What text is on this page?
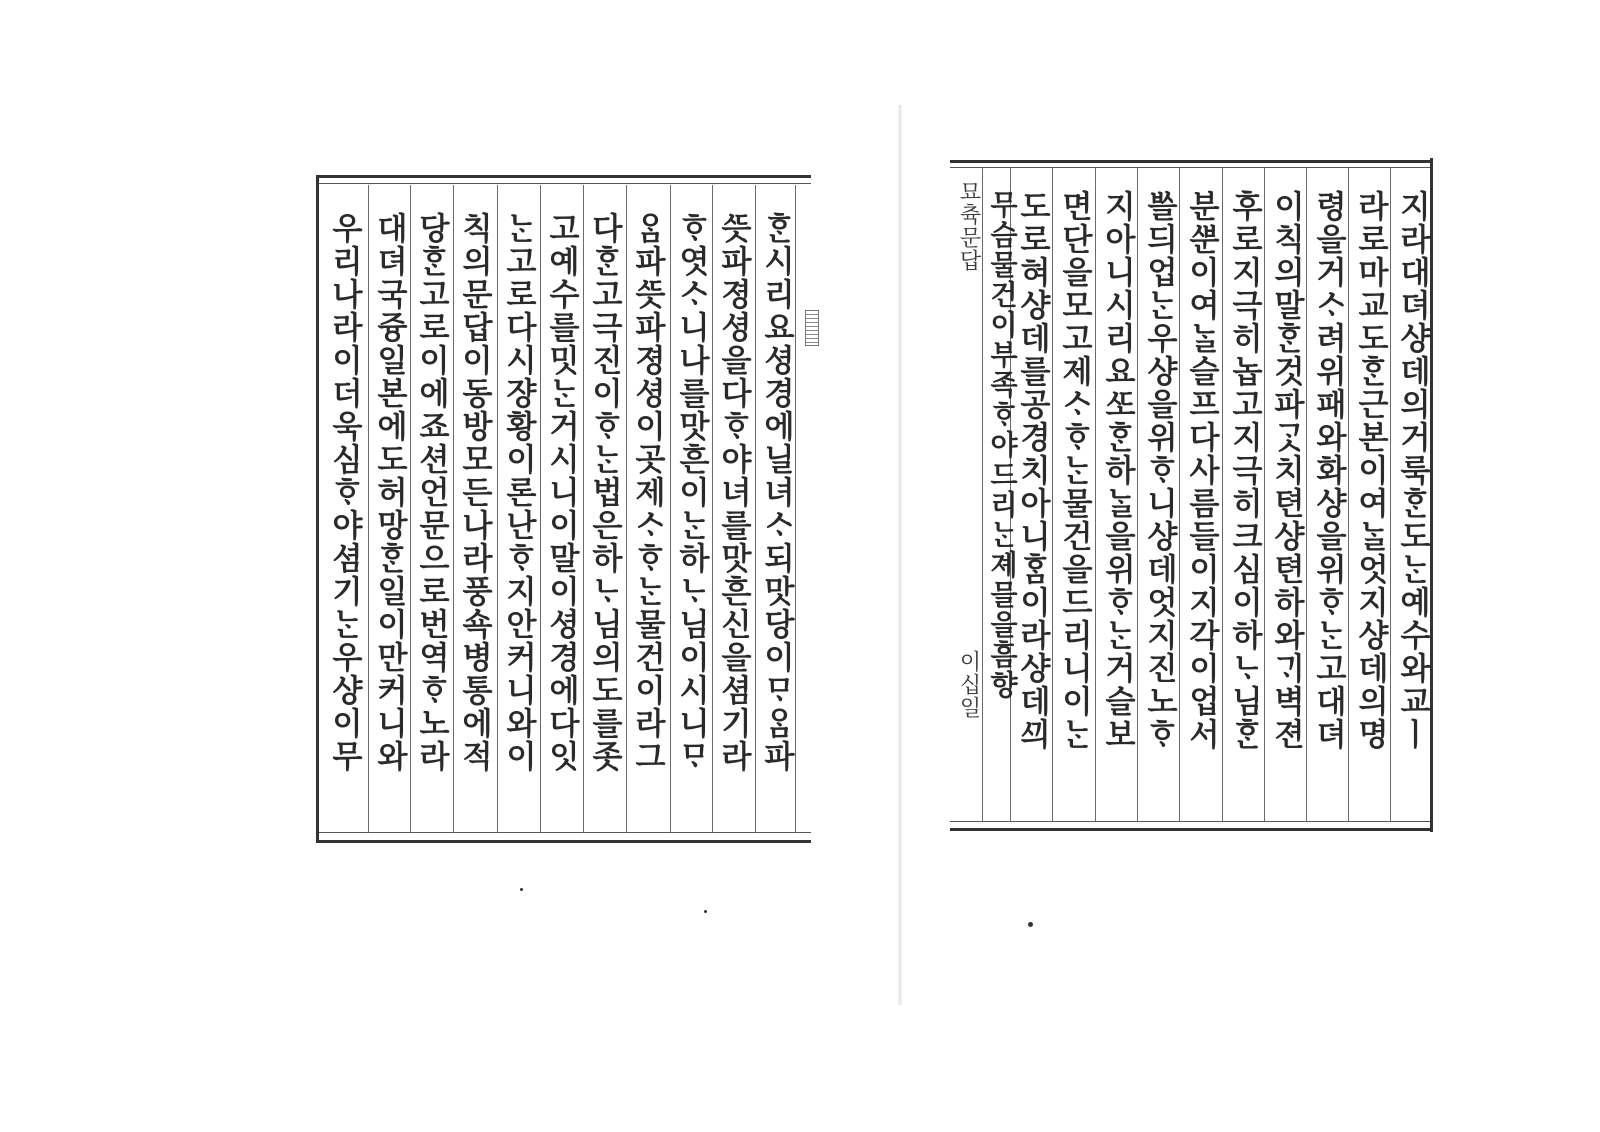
ᄒᆞᆫ시리요셩경에닐녀ᄉᆞ되맛당이ᄆᆞᄋᆞᆷ파
ᄯᅳᆺ파졍셩을다ᄒᆞ야녀를맛흔신을셤기라
ᄒᆞ엿ᄉᆞ니나를맛흔이ᄂᆞᆫ하ᄂᆞ님이시니ᄆᆞ
ᄋᆞᆷ파ᄯᅳᆺ파졍셩이곳제ᄉᆞᄒᆞᄂᆞᆫ물건이라그
다ᄒᆞᆫ고극진이ᄒᆞᄂᆞᆫ법은하ᄂᆞ님의도를좃
고예수를밋ᄂᆞᆫ거시니이말이셩경에다잇
ᄂᆞᆫ고로다시쟝황이론난ᄒᆞ지안커니와이
칙의문답이동방모든나라풍쇽병통에적
당ᄒᆞᆫ고로이에죠션언문으로번역ᄒᆞ노라
대뎌국즁일본에도허망ᄒᆞᆫ일이만커니와
우리나라이더욱심ᄒᆞ야셤기ᄂᆞᆫ우샹이무	묘츅문답
이십일	지라대뎌샹데의거룩ᄒᆞᆫ도ᄂᆞᆫ예수와교ㅣ
라로마교도ᄒᆞᆫ근본이여ᄂᆞᆯ엇지샹데의명
령을거ᄉᆞ려위패와화샹을위ᄒᆞᄂᆞᆫ고대뎌
이칙의말ᄒᆞᆫ것파ᄀᆞᆺ치텬샹텬하와ᄀᆡ벽젼
후로지극히놉고지극히크심이하ᄂᆞ님ᄒᆞᆫ
분ᄲᅮᆫ이여ᄂᆞᆯ슬프다사름들이지각이업서
ᄡᅳᆯ듸업ᄂᆞᆫ우샹을위ᄒᆞ니샹데엇지진노ᄒᆞ
지아니시리요ᄯᅩᄒᆞᆫ하ᄂᆞᆯ을위ᄒᆞᄂᆞᆫ거슬보
면단을모고제ᄉᆞᄒᆞᄂᆞᆫ물건을드리니이ᄂᆞᆫ
도로혀샹데를공경치아니ᄒᆞᆷ이라샹데ᄭᅴ
무슴물건이부족ᄒᆞ야드리ᄂᆞᆫ졔믈을흠향
